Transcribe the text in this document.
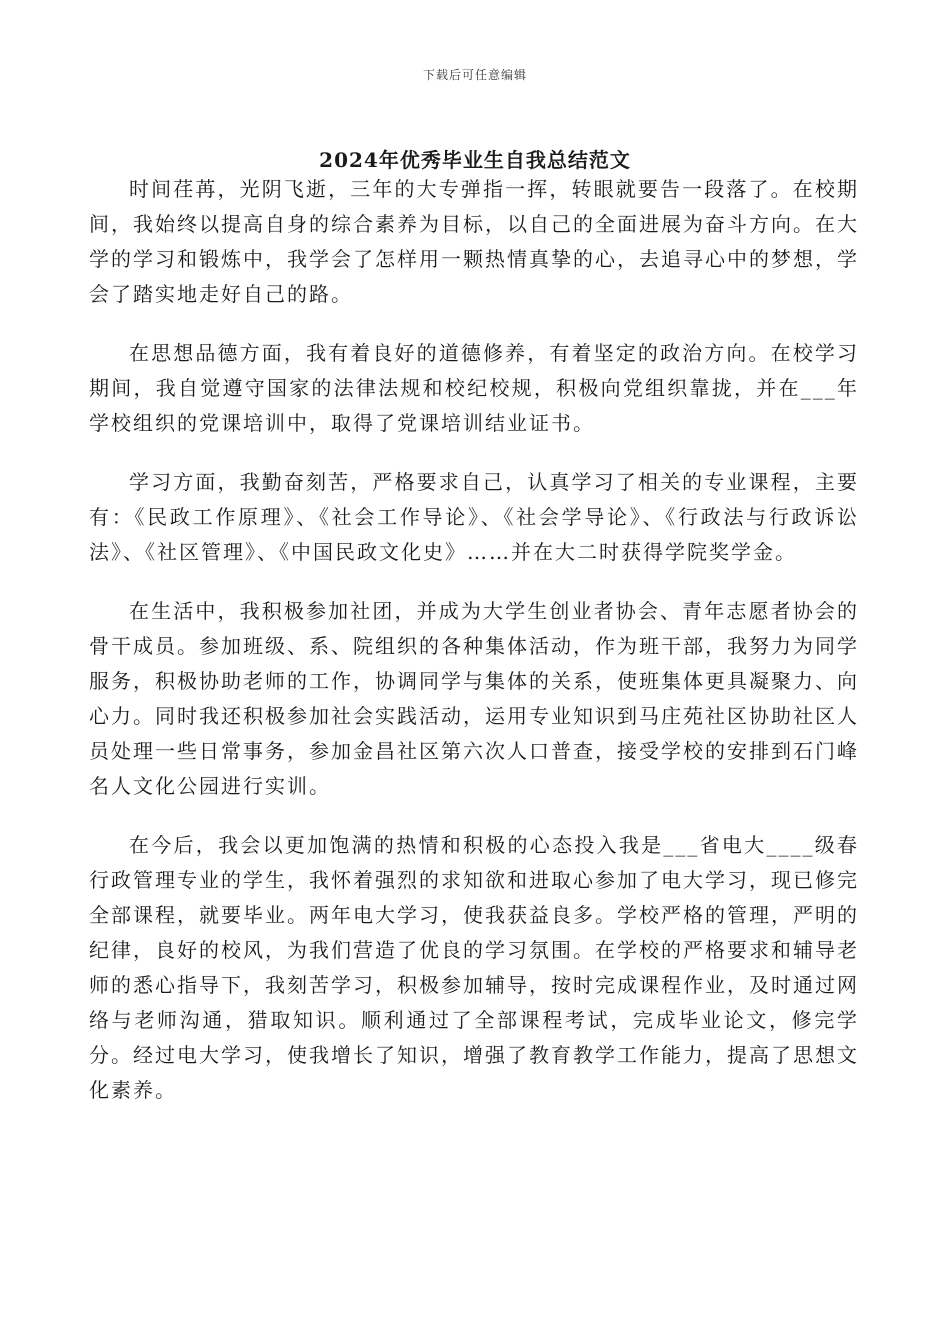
下载后可任意编辑
2024年优秀毕业生自我总结范文

时间荏苒，光阴飞逝，三年的大专弹指一挥，转眼就要告一段落了。在校期间，我始终以提高自身的综合素养为目标，以自己的全面进展为奋斗方向。在大学的学习和锻炼中，我学会了怎样用一颗热情真挚的心，去追寻心中的梦想，学会了踏实地走好自己的路。

在思想品德方面，我有着良好的道德修养，有着坚定的政治方向。在校学习期间，我自觉遵守国家的法律法规和校纪校规，积极向党组织靠拢，并在___年学校组织的党课培训中，取得了党课培训结业证书。

学习方面，我勤奋刻苦，严格要求自己，认真学习了相关的专业课程，主要有：《民政工作原理》、《社会工作导论》、《社会学导论》、《行政法与行政诉讼法》、《社区管理》、《中国民政文化史》……并在大二时获得学院奖学金。

在生活中，我积极参加社团，并成为大学生创业者协会、青年志愿者协会的骨干成员。参加班级、系、院组织的各种集体活动，作为班干部，我努力为同学服务，积极协助老师的工作，协调同学与集体的关系，使班集体更具凝聚力、向心力。同时我还积极参加社会实践活动，运用专业知识到马庄苑社区协助社区人员处理一些日常事务，参加金昌社区第六次人口普查，接受学校的安排到石门峰名人文化公园进行实训。

在今后，我会以更加饱满的热情和积极的心态投入我是___省电大____级春行政管理专业的学生，我怀着强烈的求知欲和进取心参加了电大学习，现已修完全部课程，就要毕业。两年电大学习，使我获益良多。学校严格的管理，严明的纪律，良好的校风，为我们营造了优良的学习氛围。在学校的严格要求和辅导老师的悉心指导下，我刻苦学习，积极参加辅导，按时完成课程作业，及时通过网络与老师沟通，猎取知识。顺利通过了全部课程考试，完成毕业论文，修完学分。经过电大学习，使我增长了知识，增强了教育教学工作能力，提高了思想文化素养。
